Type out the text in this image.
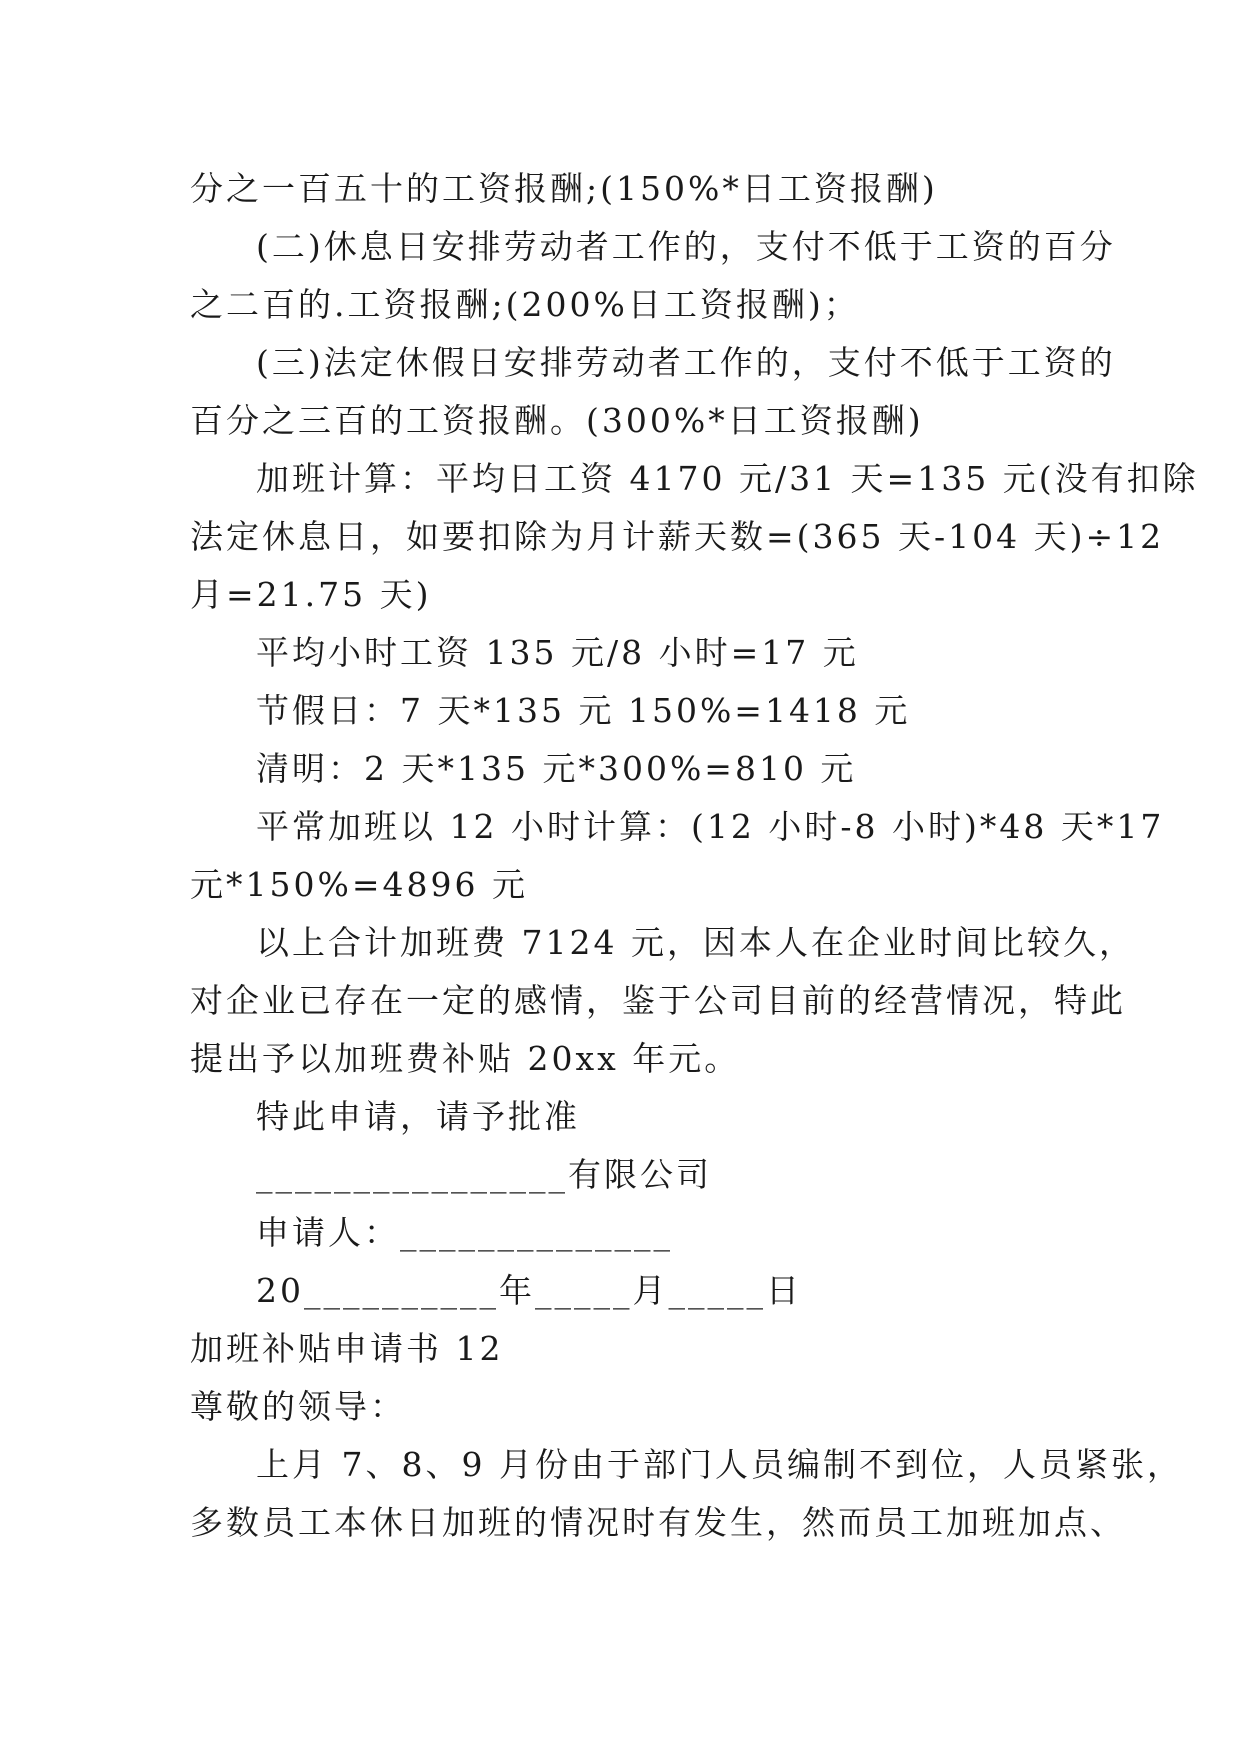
分之一百五十的工资报酬;(150%*日工资报酬)
(二)休息日安排劳动者工作的，支付不低于工资的百分
之二百的.工资报酬;(200%日工资报酬)；
(三)法定休假日安排劳动者工作的，支付不低于工资的
百分之三百的工资报酬。(300%*日工资报酬)
加班计算：平均日工资 4170 元/31 天=135 元(没有扣除
法定休息日，如要扣除为月计薪天数=(365 天-104 天)÷12
月=21.75 天)
平均小时工资 135 元/8 小时=17 元
节假日：7 天*135 元 150%=1418 元
清明：2 天*135 元*300%=810 元
平常加班以 12 小时计算：(12 小时-8 小时)*48 天*17
元*150%=4896 元
以上合计加班费 7124 元，因本人在企业时间比较久，
对企业已存在一定的感情，鉴于公司目前的经营情况，特此
提出予以加班费补贴 20xx 年元。
特此申请，请予批准
________________有限公司
申请人：______________
20__________年_____月_____日
加班补贴申请书 12
尊敬的领导：
上月 7、8、9 月份由于部门人员编制不到位，人员紧张，
多数员工本休日加班的情况时有发生，然而员工加班加点、
